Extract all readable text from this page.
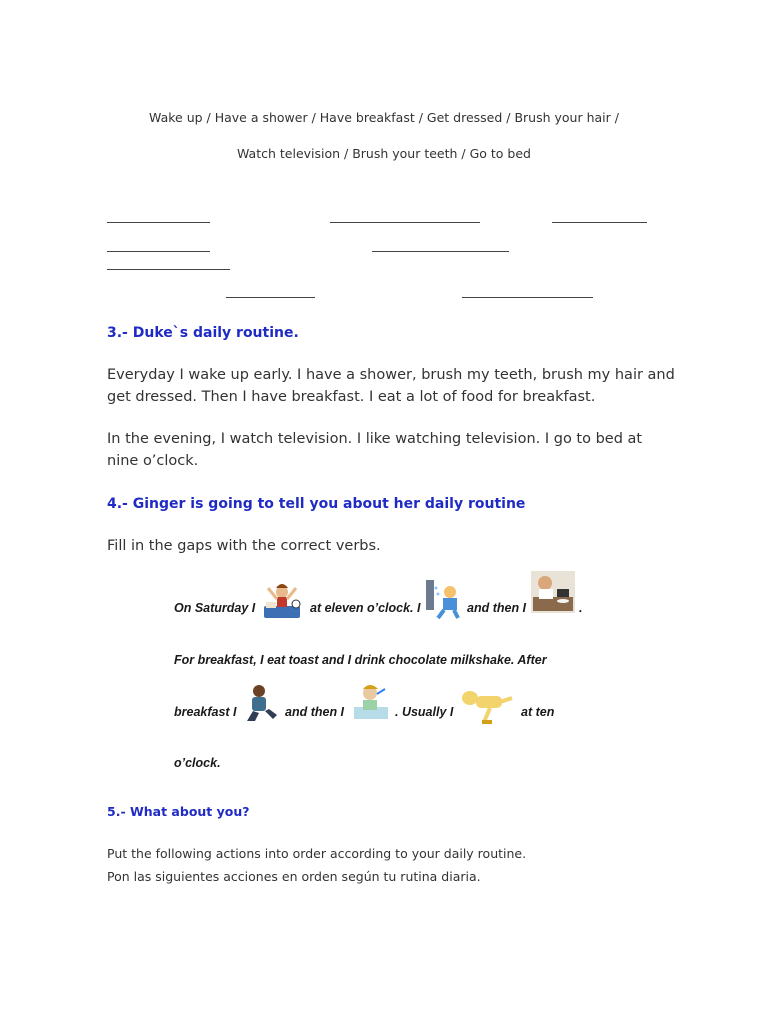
Wake up / Have a shower / Have breakfast / Get dressed / Brush your hair /
Watch television / Brush your teeth / Go to bed
3.- Duke`s daily routine.
Everyday I wake up early. I have a shower, brush my teeth, brush my hair and get dressed. Then I have breakfast. I eat a lot of food for breakfast.
In the evening, I watch television. I like watching television. I go to bed at nine o’clock.
4.- Ginger is going to tell you about her daily routine
Fill in the gaps with the correct verbs.
On Saturday I	at eleven o’clock. I	and then I	.
For breakfast, I eat toast and I drink chocolate milkshake. After
breakfast I	and then I	. Usually I	at ten
o’clock.
5.- What about you?
Put the following actions into order according to your daily routine.
Pon las siguientes acciones en orden según tu rutina diaria.
